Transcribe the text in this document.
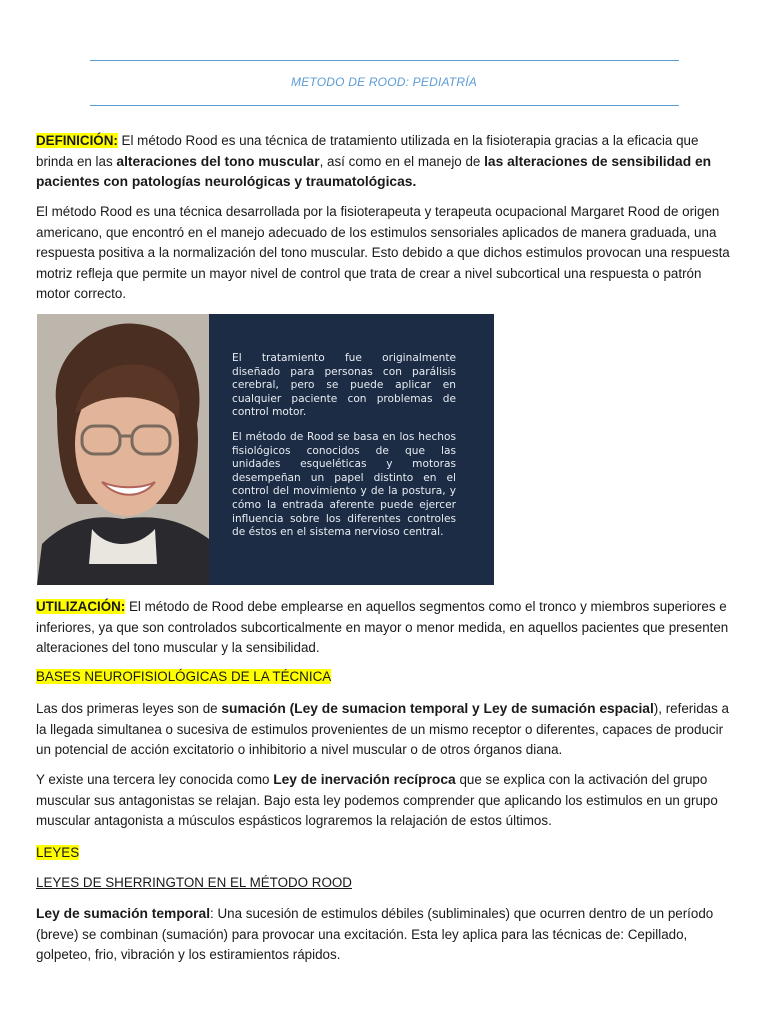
METODO DE ROOD: PEDIATRÍA

DEFINICIÓN: El método Rood es una técnica de tratamiento utilizada en la fisioterapia gracias a la eficacia que brinda en las alteraciones del tono muscular, así como en el manejo de las alteraciones de sensibilidad en pacientes con patologías neurológicas y traumatológicas.

El método Rood es una técnica desarrollada por la fisioterapeuta y terapeuta ocupacional Margaret Rood de origen americano, que encontró en el manejo adecuado de los estimulos sensoriales aplicados de manera graduada, una respuesta positiva a la normalización del tono muscular. Esto debido a que dichos estimulos provocan una respuesta motriz refleja que permite un mayor nivel de control que trata de crear a nivel subcortical una respuesta o patrón motor correcto.

El tratamiento fue originalmente diseñado para personas con parálisis cerebral, pero se puede aplicar en cualquier paciente con problemas de control motor.

El método de Rood se basa en los hechos fisiológicos conocidos de que las unidades esqueléticas y motoras desempeñan un papel distinto en el control del movimiento y de la postura, y cómo la entrada aferente puede ejercer influencia sobre los diferentes controles de éstos en el sistema nervioso central.

UTILIZACIÓN: El método de Rood debe emplearse en aquellos segmentos como el tronco y miembros superiores e inferiores, ya que son controlados subcorticalmente en mayor o menor medida, en aquellos pacientes que presenten alteraciones del tono muscular y la sensibilidad.

BASES NEUROFISIOLÓGICAS DE LA TÉCNICA

Las dos primeras leyes son de sumación (Ley de sumacion temporal y Ley de sumación espacial), referidas a la llegada simultanea o sucesiva de estimulos provenientes de un mismo receptor o diferentes, capaces de producir un potencial de acción excitatorio o inhibitorio a nivel muscular o de otros órganos diana.

Y existe una tercera ley conocida como Ley de inervación recíproca que se explica con la activación del grupo muscular sus antagonistas se relajan. Bajo esta ley podemos comprender que aplicando los estimulos en un grupo muscular antagonista a músculos espásticos lograremos la relajación de estos últimos.

LEYES

LEYES DE SHERRINGTON EN EL MÉTODO ROOD

Ley de sumación temporal: Una sucesión de estimulos débiles (subliminales) que ocurren dentro de un período (breve) se combinan (sumación) para provocar una excitación. Esta ley aplica para las técnicas de: Cepillado, golpeteo, frio, vibración y los estiramientos rápidos.
